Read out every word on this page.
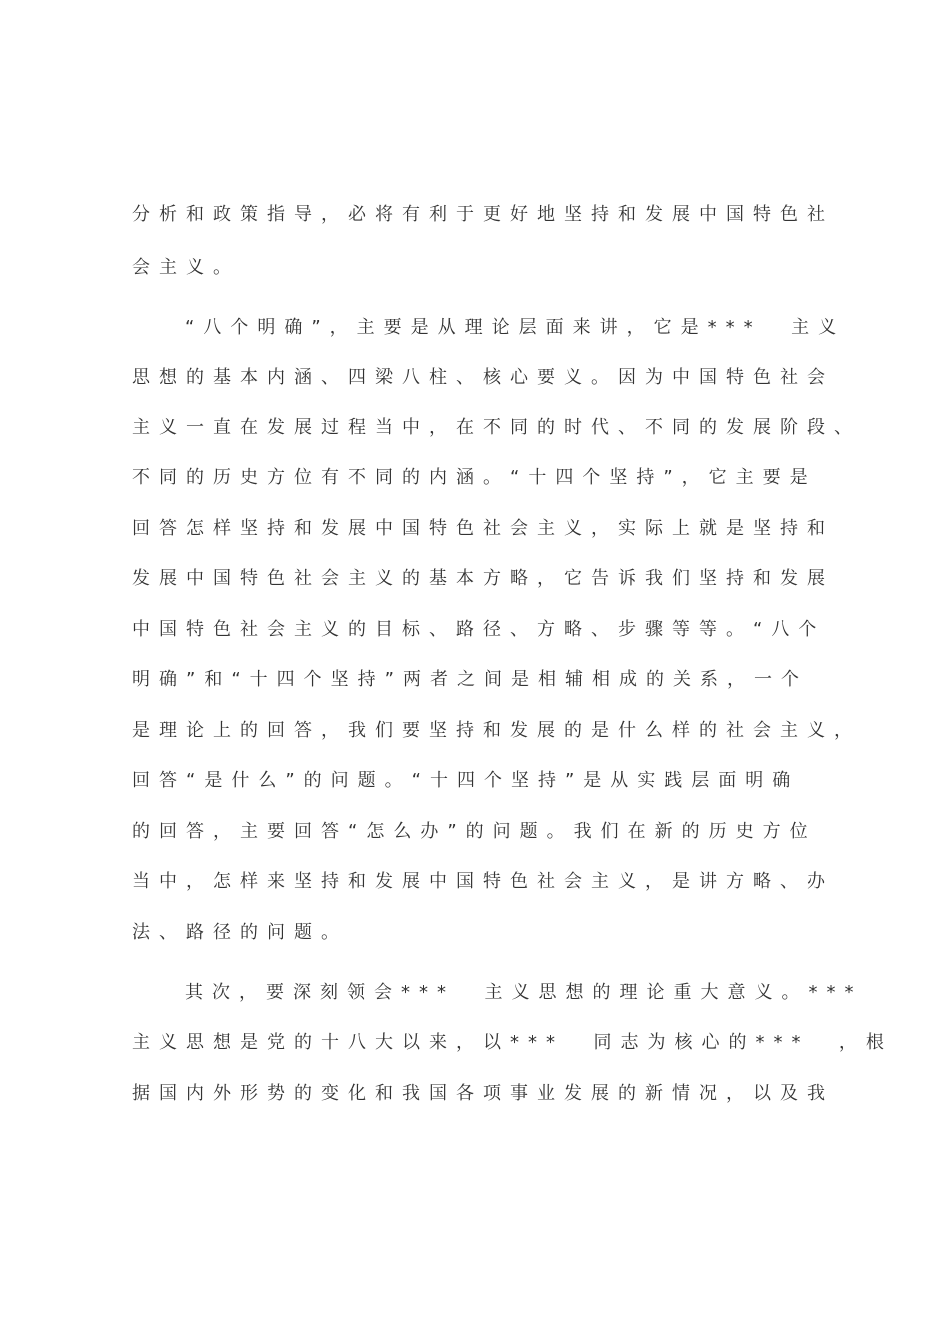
分析和政策指导，必将有利于更好地坚持和发展中国特色社
会主义。
“八个明确”，主要是从理论层面来讲，它是***  主义
思想的基本内涵、四梁八柱、核心要义。因为中国特色社会
主义一直在发展过程当中，在不同的时代、不同的发展阶段、
不同的历史方位有不同的内涵。“十四个坚持”，它主要是
回答怎样坚持和发展中国特色社会主义，实际上就是坚持和
发展中国特色社会主义的基本方略，它告诉我们坚持和发展
中国特色社会主义的目标、路径、方略、步骤等等。“八个
明确”和“十四个坚持”两者之间是相辅相成的关系，一个
是理论上的回答，我们要坚持和发展的是什么样的社会主义，
回答“是什么”的问题。“十四个坚持”是从实践层面明确
的回答，主要回答“怎么办”的问题。我们在新的历史方位
当中，怎样来坚持和发展中国特色社会主义，是讲方略、办
法、路径的问题。
其次，要深刻领会***  主义思想的理论重大意义。***
主义思想是党的十八大以来，以***  同志为核心的***  ，根
据国内外形势的变化和我国各项事业发展的新情况，以及我
